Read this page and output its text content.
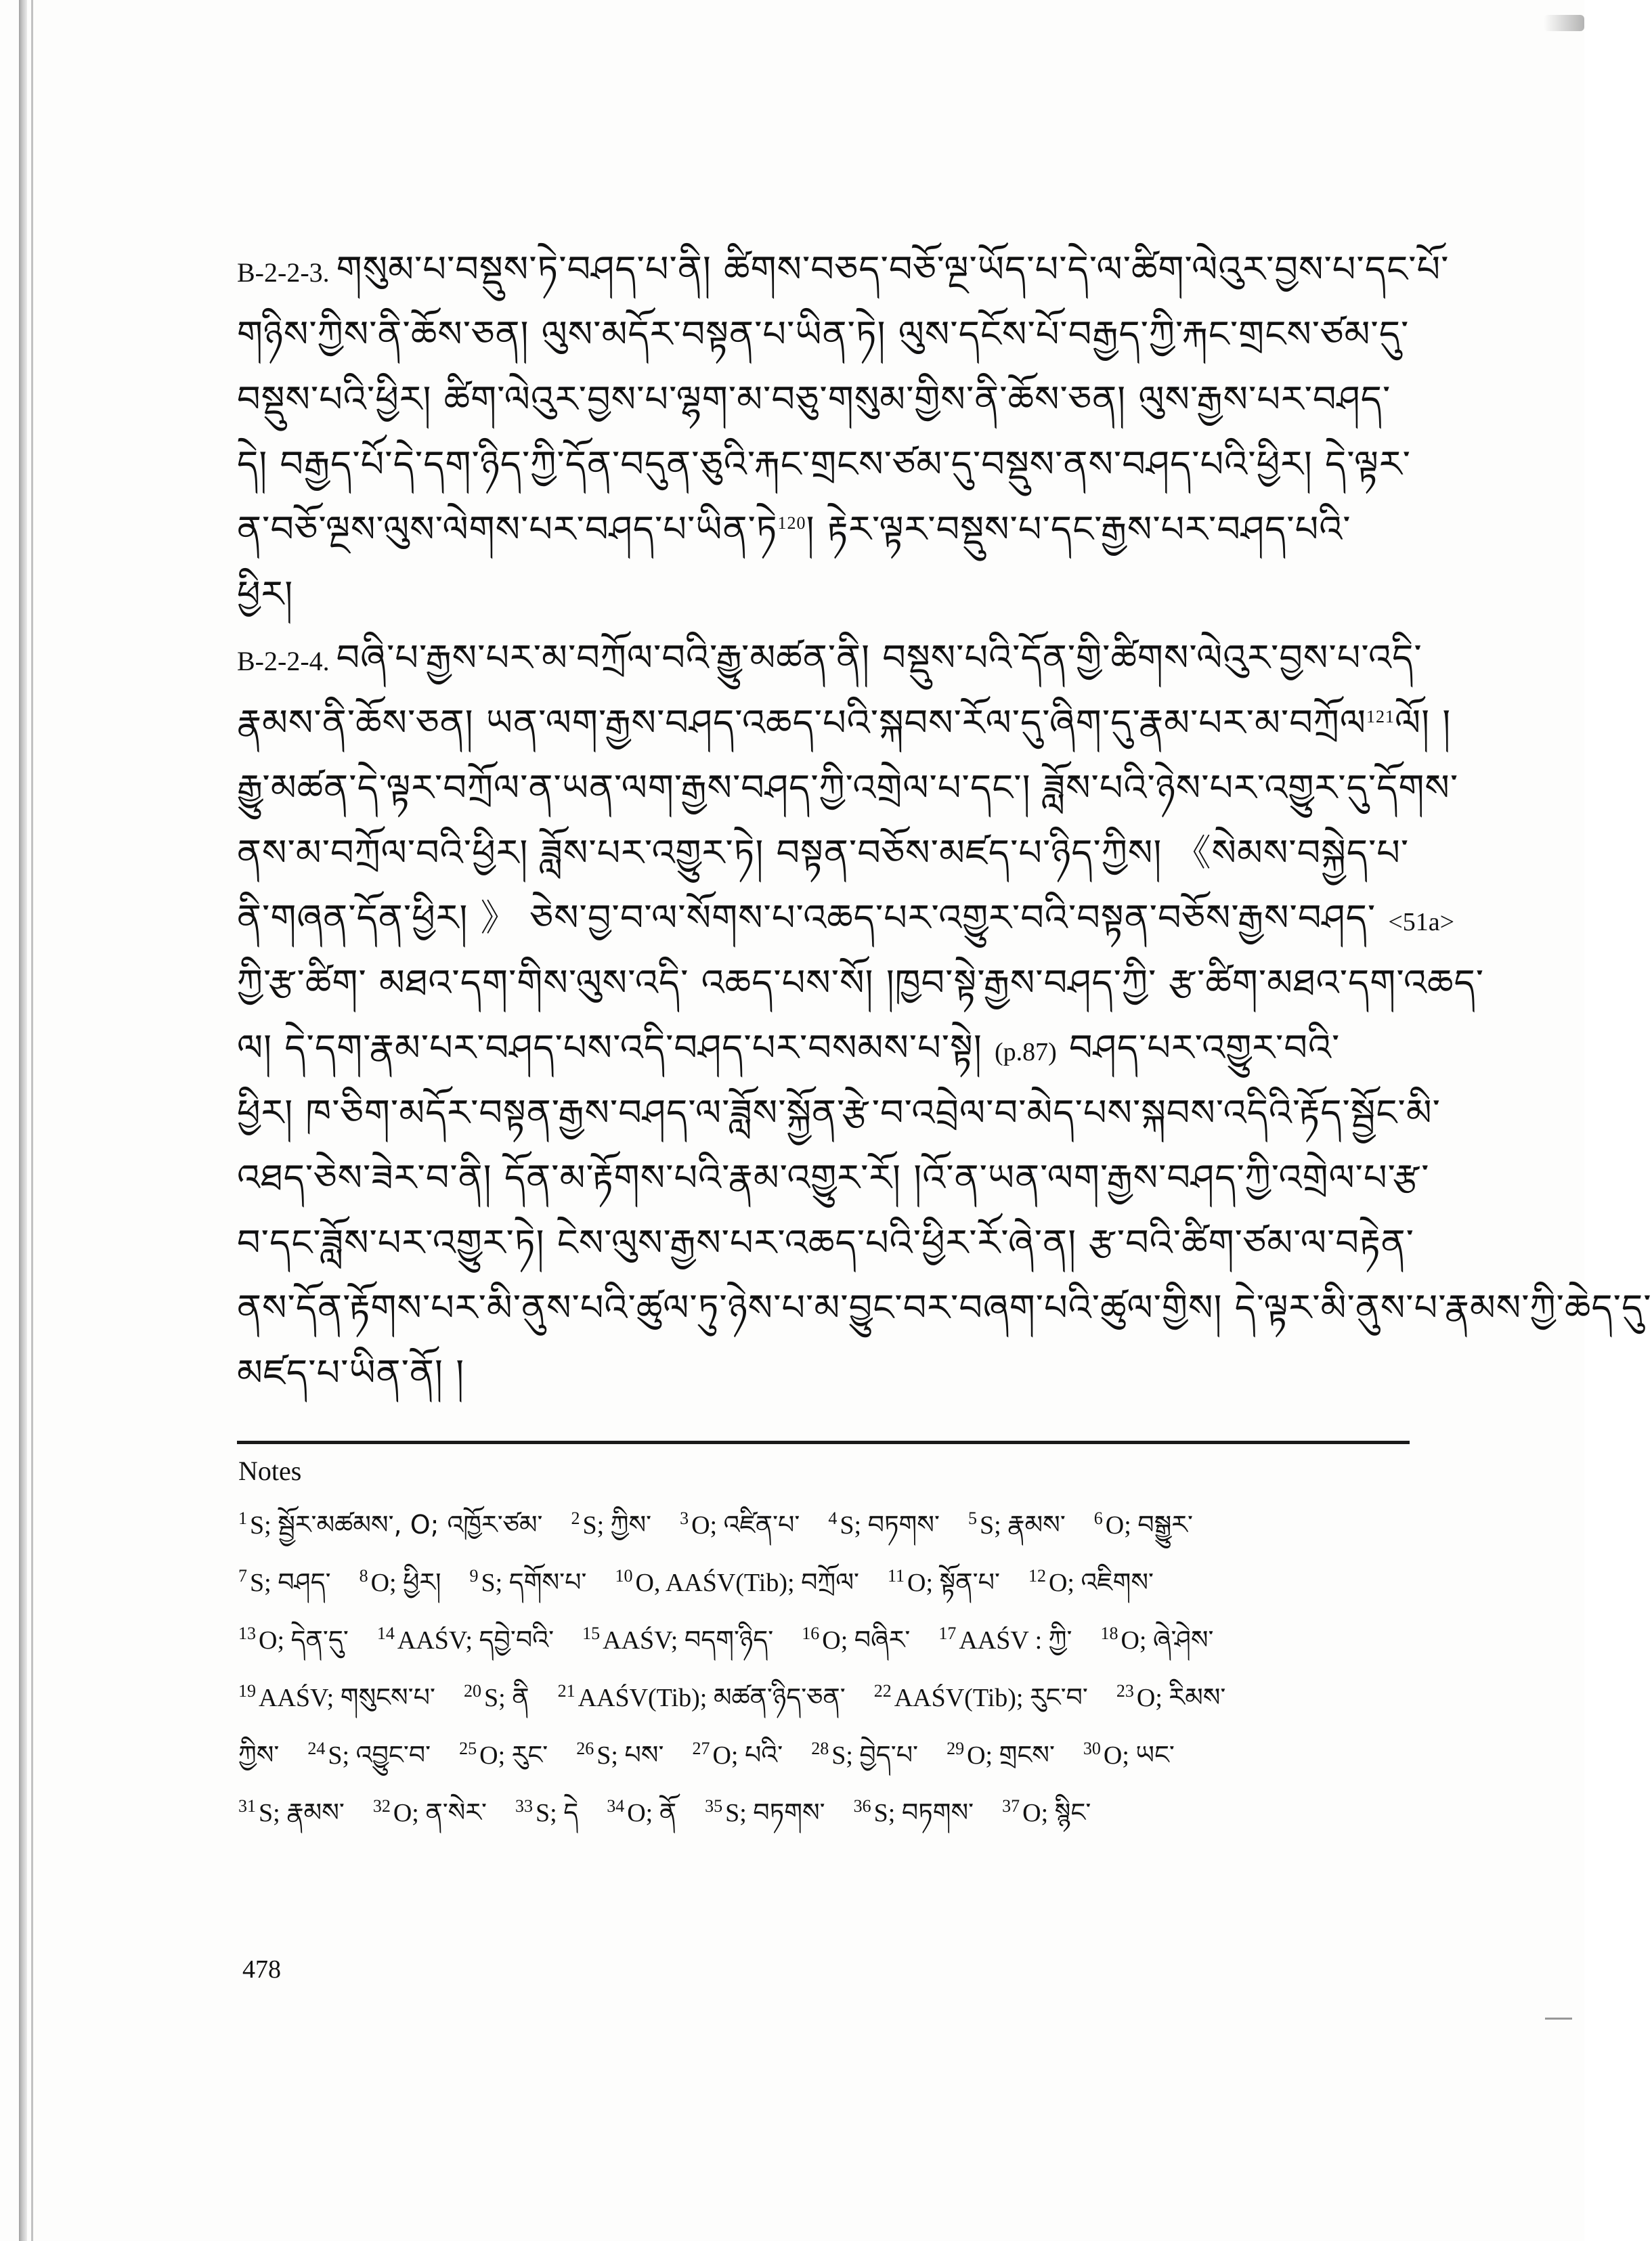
B-2-2-3. གསུམ་པ་བསྡུས་ཏེ་བཤད་པ་ནི། ཚིགས་བཅད་བཅོ་ལྔ་ཡོད་པ་དེ་ལ་ཚིག་ལེའུར་བྱས་པ་དང་པོ་
གཉིས་ཀྱིས་ནི་ཆོས་ཅན། ལུས་མདོར་བསྟན་པ་ཡིན་ཏེ། ལུས་དངོས་པོ་བརྒྱད་ཀྱི་རྐང་གྲངས་ཙམ་དུ་
བསྡུས་པའི་ཕྱིར། ཚིག་ལེའུར་བྱས་པ་ལྷག་མ་བཅུ་གསུམ་གྱིས་ནི་ཆོས་ཅན། ལུས་རྒྱས་པར་བཤད་
དེ། བརྒྱད་པོ་དེ་དག་ཉིད་ཀྱི་དོན་བདུན་ཅུའི་རྐང་གྲངས་ཙམ་དུ་བསྡུས་ནས་བཤད་པའི་ཕྱིར། དེ་ལྟར་
ན་བཅོ་ལྔས་ལུས་ལེགས་པར་བཤད་པ་ཡིན་ཏེ$^{120}$། རྟེར་ལྟར་བསྡུས་པ་དང་རྒྱས་པར་བཤད་པའི་
ཕྱིར།
B-2-2-4. བཞི་པ་རྒྱས་པར་མ་བཀྲོལ་བའི་རྒྱུ་མཚན་ནི། བསྡུས་པའི་དོན་གྱི་ཚིགས་ལེའུར་བྱས་པ་འདི་
རྣམས་ནི་ཆོས་ཅན། ཡན་ལག་རྒྱས་བཤད་འཆད་པའི་སྐབས་རོལ་དུ་ཞིག་དུ་རྣམ་པར་མ་བཀྲོལ$^{121}$ལོ། །
རྒྱུ་མཚན་དེ་ལྟར་བཀྲོལ་ན་ཡན་ལག་རྒྱས་བཤད་ཀྱི་འགྲེལ་པ་དང་། ཟློས་པའི་ཉེས་པར་འགྱུར་དུ་དོགས་
ནས་མ་བཀྲོལ་བའི་ཕྱིར། ཟློས་པར་འགྱུར་ཏེ། བསྟན་བཅོས་མཛད་པ་ཉིད་ཀྱིས། 《སེམས་བསྐྱེད་པ་
ནི་གཞན་དོན་ཕྱིར། 》 ཅེས་བྱ་བ་ལ་སོགས་པ་འཆད་པར་འགྱུར་བའི་བསྟན་བཅོས་རྒྱས་བཤད་ <51a>
ཀྱི་རྩ་ཚིག་ མཐའ་དག་གིས་ལུས་འདི་ འཆད་པས་སོ། །ཁྱབ་སྟེ་རྒྱས་བཤད་ཀྱི་ རྩ་ཚིག་མཐའ་དག་འཆད་
ལ། དེ་དག་རྣམ་པར་བཤད་པས་འདི་བཤད་པར་བསམས་པ་སྟེ། (p.87) བཤད་པར་འགྱུར་བའི་
ཕྱིར། ཁ་ཅིག་མདོར་བསྟན་རྒྱས་བཤད་ལ་ཟློས་སྐྱོན་རྩེ་བ་འབྲེལ་བ་མེད་པས་སྐབས་འདིའི་རྟོད་སྦྱོང་མི་
འཐད་ཅེས་ཟེར་བ་ནི། དོན་མ་རྟོགས་པའི་རྣམ་འགྱུར་རོ། །འོ་ན་ཡན་ལག་རྒྱས་བཤད་ཀྱི་འགྲེལ་པ་རྩ་
བ་དང་ཟློས་པར་འགྱུར་ཏེ། ངེས་ལུས་རྒྱས་པར་འཆད་པའི་ཕྱིར་རོ་ཞེ་ན། རྩ་བའི་ཚིག་ཙམ་ལ་བརྟེན་
ནས་དོན་རྟོགས་པར་མི་ནུས་པའི་ཚུལ་ཏུ་ཉེས་པ་མ་བྱུང་བར་བཞག་པའི་ཚུལ་གྱིས། དེ་ལྟར་མི་ནུས་པ་རྣམས་ཀྱི་ཆེད་དུ་
མཛད་པ་ཡིན་ནོ། །
Notes
$^1$ S; སྦྱོར་མཚམས་, O; འཁྱོར་ཙམ་ $^2$ S; ཀྱིས་ $^3$ O; འཛིན་པ་ $^4$ S; བཏགས་ $^5$ S; རྣམས་ $^6$ O; བསྒྱུར་
$^7$ S; བཤད་ $^8$ O; ཕྱིར། $^9$ S; དགོས་པ་ $^{10}$ O, AAŚV(Tib); བཀྲོལ་ $^{11}$ O; སྟོན་པ་ $^{12}$ O; འཇིགས་
$^{13}$ O; དེན་དུ་ $^{14}$ AAŚV; དབྱེ་བའི་ $^{15}$ AAŚV; བདག་ཉིད་ $^{16}$ O; བཞིར་ $^{17}$ AAŚV : ཀྱི་ $^{18}$ O; ཞེ་ཤེས་
$^{19}$ AAŚV; གསུངས་པ་ $^{20}$ S; ནི $^{21}$ AAŚV(Tib); མཚན་ཉིད་ཅན་ $^{22}$ AAŚV(Tib); རུང་བ་ $^{23}$ O; རིམས་
ཀྱིས་ $^{24}$ S; འབྱུང་བ་ $^{25}$ O; རུང་ $^{26}$ S; པས་ $^{27}$ O; པའི་ $^{28}$ S; བྱེད་པ་ $^{29}$ O; གྲངས་ $^{30}$ O; ཡང་
$^{31}$ S; རྣམས་ $^{32}$ O; ན་སེར་ $^{33}$ S; དེ $^{34}$ O; ནོ $^{35}$ S; བཏགས་ $^{36}$ S; བཏགས་ $^{37}$ O; སྙིང་
478
